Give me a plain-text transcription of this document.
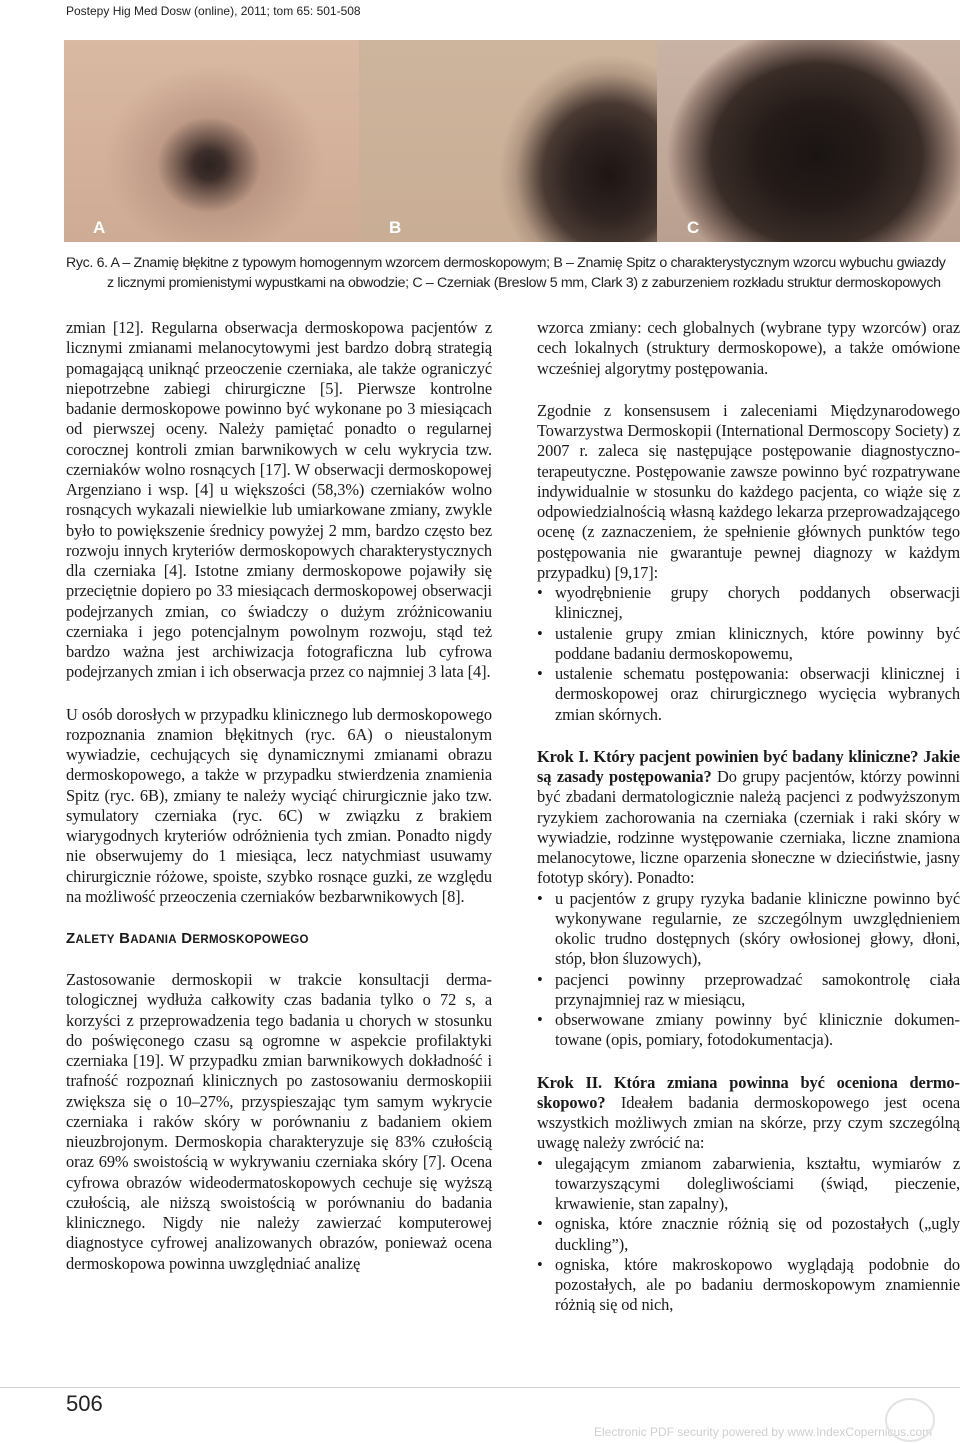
Postepy Hig Med Dosw (online), 2011; tom 65: 501-508
A	B	C
Ryc. 6. A – Znamię błękitne z typowym homogennym wzorcem dermoskopowym; B – Znamię Spitz o charakterystycznym wzorcu wybuchu gwiazdy
z licznymi promienistymi wypustkami na obwodzie; C – Czerniak (Breslow 5 mm, Clark 3) z zaburzeniem rozkładu struktur dermoskopowych

zmian [12]. Regularna obserwacja dermoskopowa pacjentów z licznymi zmianami melanocytowymi jest bardzo dobrą strategią pomagającą uniknąć przeoczenie czerniaka, ale także ograniczyć niepotrzebne zabiegi chirurgiczne [5]. Pierwsze kontrolne badanie dermoskopowe powinno być wykonane po 3 miesiącach od pierwszej oceny. Należy pamiętać ponadto o regularnej corocznej kontroli zmian barwnikowych w celu wykrycia tzw. czerniaków wolno rosnących [17]. W obserwacji dermoskopowej Argenziano i wsp. [4] u większości (58,3%) czerniaków wolno rosnących wykazali niewielkie lub umiarkowane zmiany, zwykle było to powiększenie średnicy powyżej 2 mm, bardzo często bez rozwoju innych kryteriów dermoskopowych charakterystycznych dla czerniaka [4]. Istotne zmiany dermoskopowe pojawiły się przeciętnie dopiero po 33 miesiącach dermoskopowej obserwacji podejrzanych zmian, co świadczy o dużym zróżnicowaniu czerniaka i jego potencjalnym powolnym rozwoju, stąd też bardzo ważna jest archiwizacja fotograficzna lub cyfrowa podejrzanych zmian i ich obserwacja przez co najmniej 3 lata [4].

U osób dorosłych w przypadku klinicznego lub dermoskopowego rozpoznania znamion błękitnych (ryc. 6A) o nieustalonym wywiadzie, cechujących się dynamicznymi zmianami obrazu dermoskopowego, a także w przypadku stwierdzenia znamienia Spitz (ryc. 6B), zmiany te należy wyciąć chirurgicznie jako tzw. symulatory czerniaka (ryc. 6C) w związku z brakiem wiarygodnych kryteriów odróżnienia tych zmian. Ponadto nigdy nie obserwujemy do 1 miesiąca, lecz natychmiast usuwamy chirurgicznie różowe, spoiste, szybko rosnące guzki, ze względu na możliwość przeoczenia czerniaków bezbarwnikowych [8].

ZALETY BADANIA DERMOSKOPOWEGO

Zastosowanie dermoskopii w trakcie konsultacji dermatologicznej wydłuża całkowity czas badania tylko o 72 s, a korzyści z przeprowadzenia tego badania u chorych w stosunku do poświęconego czasu są ogromne w aspekcie profilaktyki czerniaka [19]. W przypadku zmian barwnikowych dokładność i trafność rozpoznań klinicznych po zastosowaniu dermoskopiii zwiększa się o 10–27%, przyspieszając tym samym wykrycie czerniaka i raków skóry w porównaniu z badaniem okiem nieuzbrojonym. Dermoskopia charakteryzuje się 83% czułością oraz 69% swoistością w wykrywaniu czerniaka skóry [7]. Ocena cyfrowa obrazów wideodermatoskopowych cechuje się wyższą czułością, ale niższą swoistością w porównaniu do badania klinicznego. Nigdy nie należy zawierzać komputerowej diagnostyce cyfrowej analizowanych obrazów, ponieważ ocena dermoskopowa powinna uwzględniać analizę

wzorca zmiany: cech globalnych (wybrane typy wzorców) oraz cech lokalnych (struktury dermoskopowe), a także omówione wcześniej algorytmy postępowania.

Zgodnie z konsensusem i zaleceniami Międzynarodowego Towarzystwa Dermoskopii (International Dermoscopy Society) z 2007 r. zaleca się następujące postępowanie diagnostyczno-terapeutyczne. Postępowanie zawsze powinno być rozpatrywane indywidualnie w stosunku do każdego pacjenta, co wiąże się z odpowiedzialnością własną każdego lekarza przeprowadzającego ocenę (z zaznaczeniem, że spełnienie głównych punktów tego postępowania nie gwarantuje pewnej diagnozy w każdym przypadku) [9,17]:

• wyodrębnienie grupy chorych poddanych obserwacji klinicznej,
• ustalenie grupy zmian klinicznych, które powinny być poddane badaniu dermoskopowemu,
• ustalenie schematu postępowania: obserwacji klinicznej i dermoskopowej oraz chirurgicznego wycięcia wybranych zmian skórnych.

Krok I. Który pacjent powinien być badany kliniczne? Jakie są zasady postępowania? Do grupy pacjentów, którzy powinni być zbadani dermatologicznie należą pacjenci z podwyższonym ryzykiem zachorowania na czerniaka (czerniak i raki skóry w wywiadzie, rodzinne występowanie czerniaka, liczne znamiona melanocytowe, liczne oparzenia słoneczne w dzieciństwie, jasny fototyp skóry). Ponadto:

• u pacjentów z grupy ryzyka badanie kliniczne powinno być wykonywane regularnie, ze szczególnym uwzględnieniem okolic trudno dostępnych (skóry owłosionej głowy, dłoni, stóp, błon śluzowych),
• pacjenci powinny przeprowadzać samokontrolę ciała przynajmniej raz w miesiącu,
• obserwowane zmiany powinny być klinicznie dokumentowane (opis, pomiary, fotodokumentacja).

Krok II. Która zmiana powinna być oceniona dermoskopowo? Ideałem badania dermoskopowego jest ocena wszystkich możliwych zmian na skórze, przy czym szczególną uwagę należy zwrócić na:

• ulegającym zmianom zabarwienia, kształtu, wymiarów z towarzyszącymi dolegliwościami (świąd, pieczenie, krwawienie, stan zapalny),
• ogniska, które znacznie różnią się od pozostałych („ugly duckling”),
• ogniska, które makroskopowo wyglądają podobnie do pozostałych, ale po badaniu dermoskopowym znamiennie różnią się od nich,
506
Electronic PDF security powered by www.IndexCopernicus.com
